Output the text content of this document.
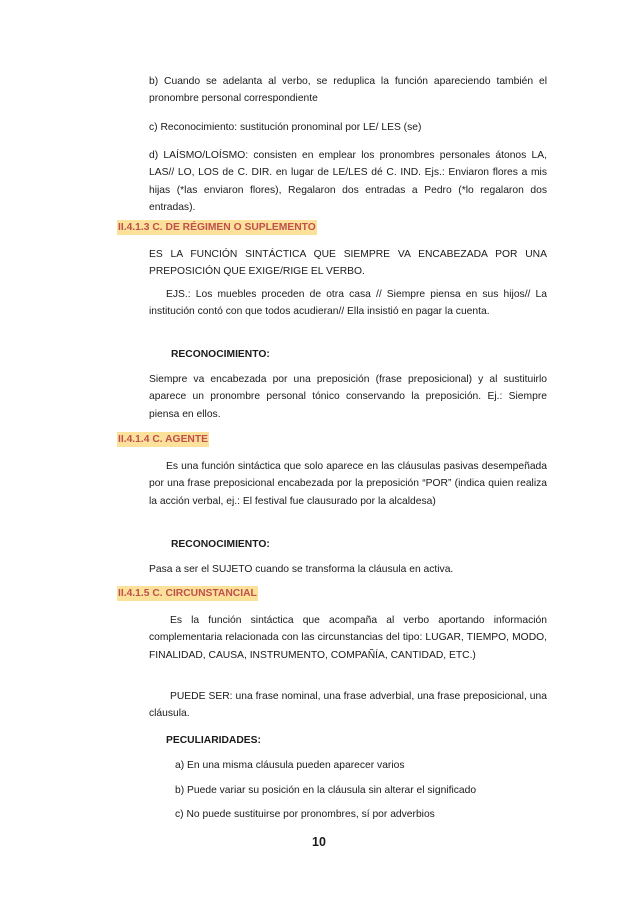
b) Cuando se adelanta al verbo, se reduplica la función apareciendo también el pronombre personal correspondiente

c) Reconocimiento: sustitución pronominal por LE/ LES (se)

d) LAÍSMO/LOÍSMO: consisten en emplear los pronombres personales átonos LA, LAS// LO, LOS de C. DIR. en lugar de LE/LES dé C. IND. Ejs.: Enviaron flores a mis hijas (*las enviaron flores), Regalaron dos entradas a Pedro (*lo regalaron dos entradas).

II.4.1.3 C. DE RÉGIMEN O SUPLEMENTO

ES LA FUNCIÓN SINTÁCTICA QUE SIEMPRE VA ENCABEZADA POR UNA PREPOSICIÓN QUE EXIGE/RIGE EL VERBO.

EJS.: Los muebles proceden de otra casa // Siempre piensa en sus hijos// La institución contó con que todos acudieran// Ella insistió en pagar la cuenta.

RECONOCIMIENTO:

Siempre va encabezada por una preposición (frase preposicional) y al sustituirlo aparece un pronombre personal tónico conservando la preposición. Ej.: Siempre piensa en ellos.

II.4.1.4 C. AGENTE

Es una función sintáctica que solo aparece en las cláusulas pasivas desempeñada por una frase preposicional encabezada por la preposición “POR” (indica quien realiza la acción verbal, ej.: El festival fue clausurado por la alcaldesa)

RECONOCIMIENTO:

Pasa a ser el SUJETO cuando se transforma la cláusula en activa.

II.4.1.5 C. CIRCUNSTANCIAL

Es la función sintáctica que acompaña al verbo aportando información complementaria relacionada con las circunstancias del tipo: LUGAR, TIEMPO, MODO, FINALIDAD, CAUSA, INSTRUMENTO, COMPAÑÍA, CANTIDAD, ETC.)

PUEDE SER: una frase nominal, una frase adverbial, una frase preposicional, una cláusula.

PECULIARIDADES:

a) En una misma cláusula pueden aparecer varios

b) Puede variar su posición en la cláusula sin alterar el significado

c) No puede sustituirse por pronombres, sí por adverbios

10
